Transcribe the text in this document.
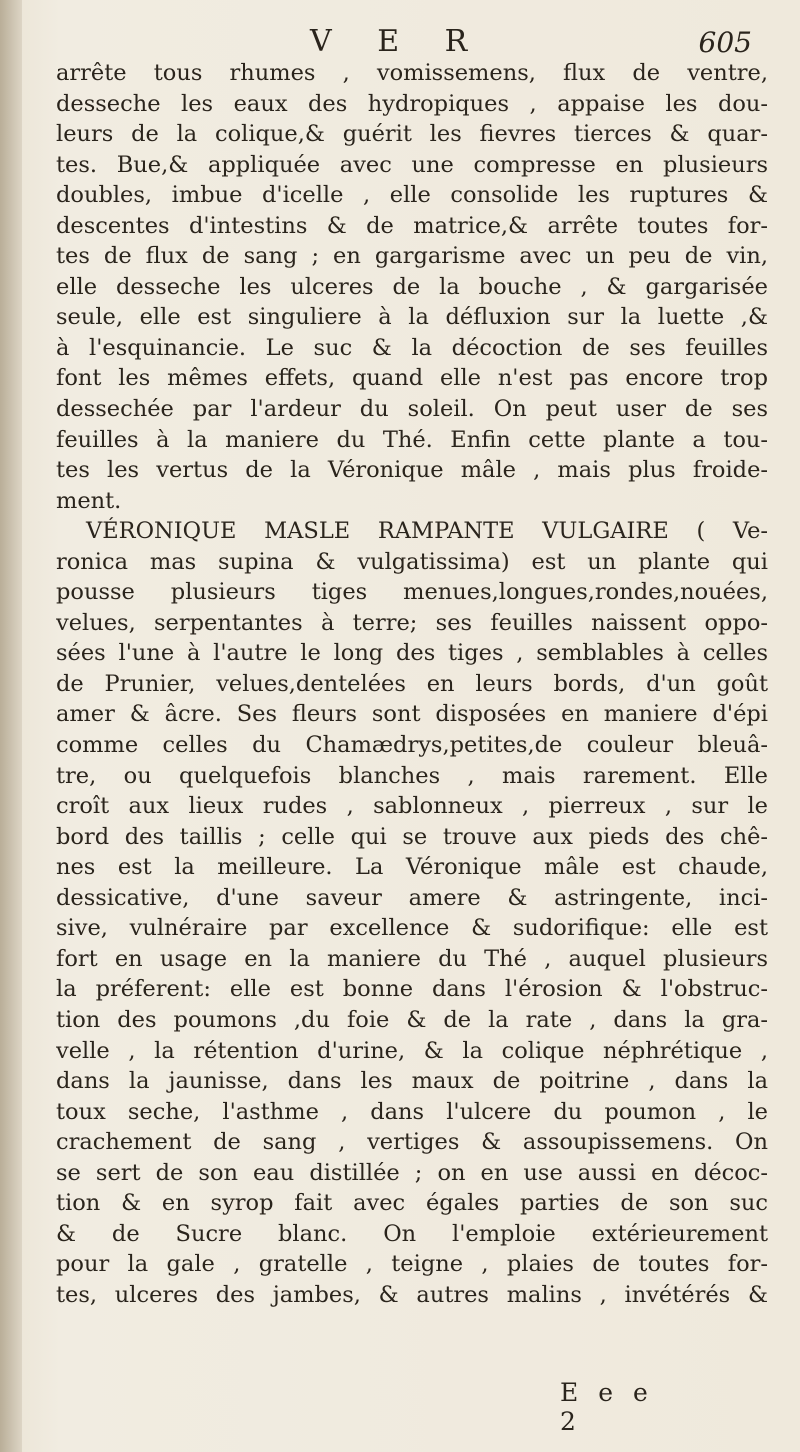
V E R	605
arrête tous rhumes , vomissemens, flux de ventre,
desseche les eaux des hydropiques , appaise les dou-
leurs de la colique,& guérit les fievres tierces & quar-
tes. Bue,& appliquée avec une compresse en plusieurs
doubles, imbue d'icelle , elle consolide les ruptures &
descentes d'intestins & de matrice,& arrête toutes for-
tes de flux de sang ; en gargarisme avec un peu de vin,
elle desseche les ulceres de la bouche , & gargarisée
seule, elle est singuliere à la défluxion sur la luette ,&
à l'esquinancie. Le suc & la décoction de ses feuilles
font les mêmes effets, quand elle n'est pas encore trop
dessechée par l'ardeur du soleil. On peut user de ses
feuilles à la maniere du Thé. Enfin cette plante a tou-
tes les vertus de la Véronique mâle , mais plus froide-
ment.
VÉRONIQUE MASLE RAMPANTE VULGAIRE ( Ve-
ronica mas supina & vulgatissima) est un plante qui
pousse plusieurs tiges menues,longues,rondes,nouées,
velues, serpentantes à terre; ses feuilles naissent oppo-
sées l'une à l'autre le long des tiges , semblables à celles
de Prunier, velues,dentelées en leurs bords, d'un goût
amer & âcre. Ses fleurs sont disposées en maniere d'épi
comme celles du Chamædrys,petites,de couleur bleuâ-
tre, ou quelquefois blanches , mais rarement. Elle
croît aux lieux rudes , sablonneux , pierreux , sur le
bord des taillis ; celle qui se trouve aux pieds des chê-
nes est la meilleure. La Véronique mâle est chaude,
dessicative, d'une saveur amere & astringente, inci-
sive, vulnéraire par excellence & sudorifique: elle est
fort en usage en la maniere du Thé , auquel plusieurs
la préferent: elle est bonne dans l'érosion & l'obstruc-
tion des poumons ,du foie & de la rate , dans la gra-
velle , la rétention d'urine, & la colique néphrétique ,
dans la jaunisse, dans les maux de poitrine , dans la
toux seche, l'asthme , dans l'ulcere du poumon , le
crachement de sang , vertiges & assoupissemens. On
se sert de son eau distillée ; on en use aussi en décoc-
tion & en syrop fait avec égales parties de son suc
& de Sucre blanc. On l'emploie extérieurement
pour la gale , gratelle , teigne , plaies de toutes for-
tes, ulceres des jambes, & autres malins , invétérés &
E e e 2
